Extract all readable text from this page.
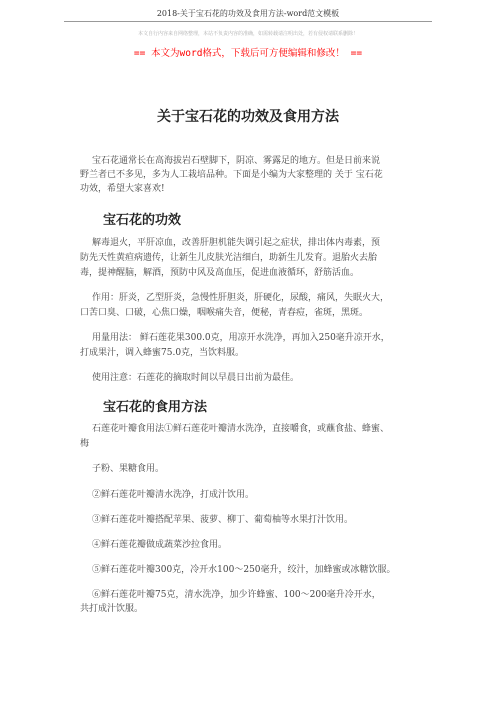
2018-关于宝石花的功效及食用方法-word范文模板
本文自行内容来自网络整理，本站不负责内容的准确，如需转载请注明出处，若有侵权请联系删除！
== 本文为word格式，下载后可方便编辑和修改！ ==
关于宝石花的功效及食用方法
宝石花通常长在高海拔岩石壁脚下，阴凉、雾露足的地方。但是日前来说
野兰者已不多见，多为人工栽培品种。下面是小编为大家整理的 关于 宝石花
功效，希望大家喜欢!
宝石花的功效
解毒退火，平肝凉血，改善肝胆机能失调引起之症状，排出体内毒素，预
防先天性黄疸病遗传，让新生儿皮肤光洁细白，助新生儿发育。退胎火去胎
毒，提神醒脑，解酒，预防中风及高血压，促进血液循环，舒筋活血。
作用：肝炎，乙型肝炎，急慢性肝胆炎，肝硬化，尿酸，痛风，失眠火大，
口苦口臭、口破，心焦口燥，咽喉痛失音，便秘，青春痘，雀斑，黑斑。
用量用法： 鲜石莲花果300.0克，用凉开水洗净，再加入250毫升凉开水，
打成果汁，调入蜂蜜75.0克，当饮料服。
使用注意：石莲花的摘取时间以早晨日出前为最佳。
宝石花的食用方法
石莲花叶瓣食用法①鲜石莲花叶瓣清水洗净，直接嚼食，或蘸食盐、蜂蜜、
梅
子粉、果糖食用。
②鲜石莲花叶瓣清水洗净，打成汁饮用。
③鲜石莲花叶瓣搭配苹果、菠萝、柳丁、葡萄柚等水果打汁饮用。
④鲜石莲花瓣做成蔬菜沙拉食用。
⑤鲜石莲花叶瓣300克，冷开水100～250毫升，绞汁，加蜂蜜或冰糖饮服。
⑥鲜石莲花叶瓣75克，清水洗净，加少许蜂蜜、100～200毫升冷开水，
共打成汁饮服。
